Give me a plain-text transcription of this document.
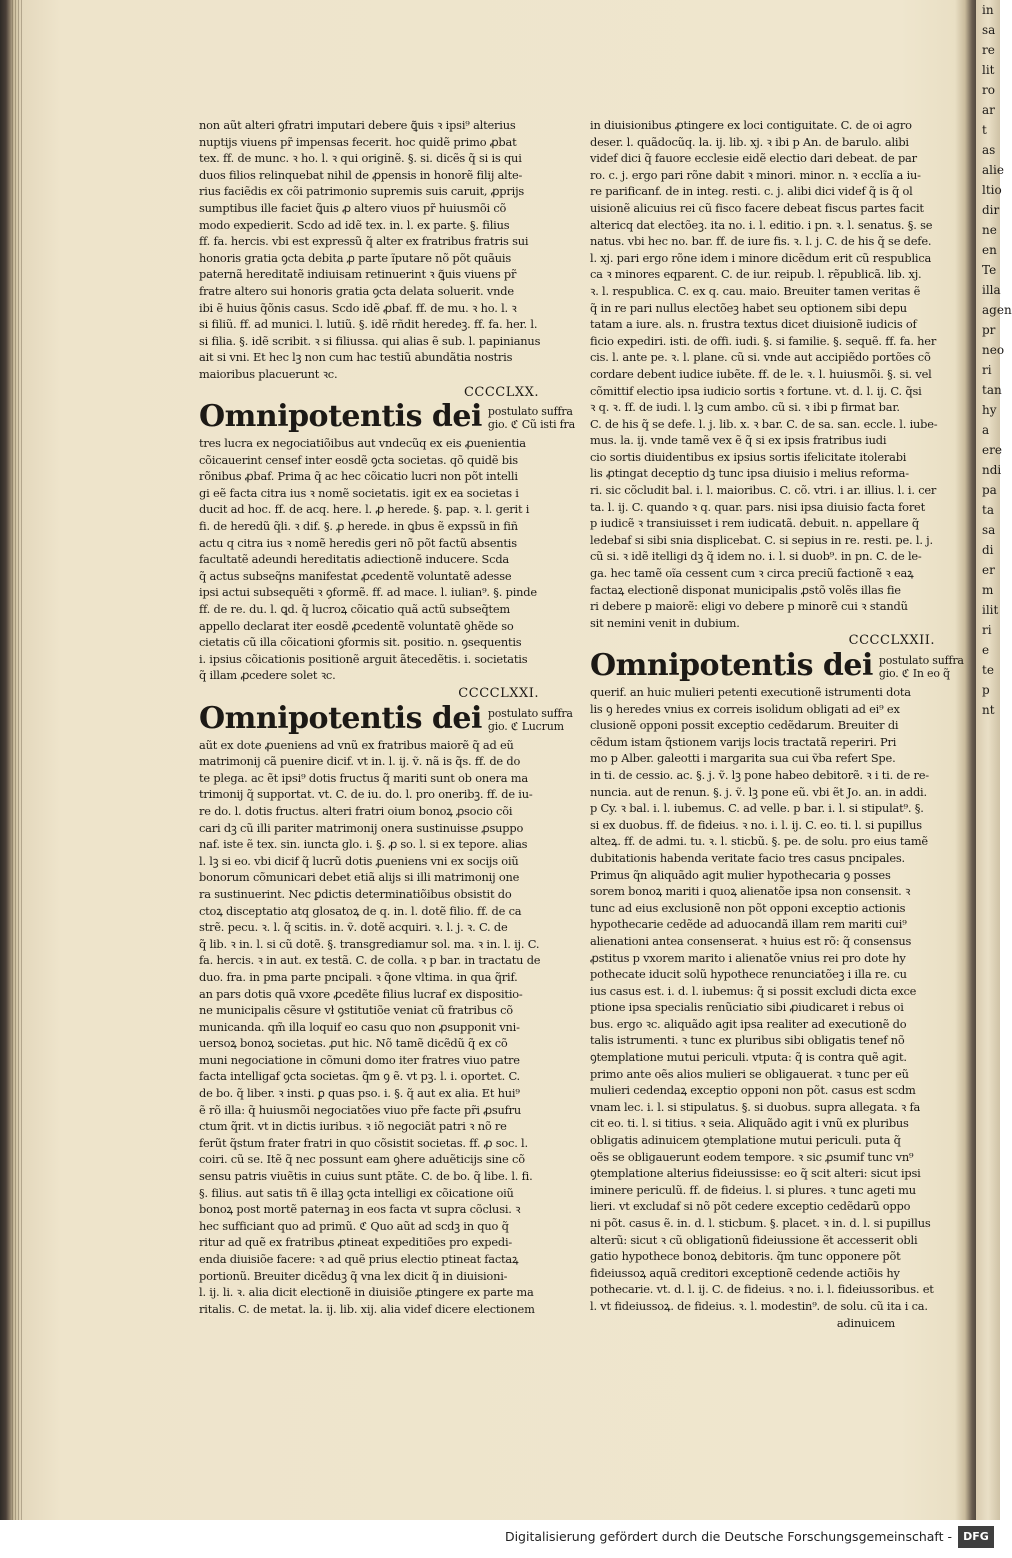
non aũt alteri ꝯfratri imputari debere ꝗ̃uis ꝛ ipsi⁹ alterius
nuptijs viuens pr̃ impensas fecerit. hoc quidẽ primo ꝓbat
tex. ff. de munc. ꝛ ho. l. ꝛ qui originẽ. §. si. dicẽs q̃ si is qui
duos filios relinquebat nihil de ꝓpensis in honorẽ filij alte-
rius faciẽdis ex cõi patrimonio supremis suis caruit, ꝓprijs
sumptibus ille faciet ꝗ̃uis ꝓ altero viuos pr̃ huiusmõi cõ
modo expedierit. Scdo ad idẽ tex. in. l. ex parte. §. filius
ff. fa. hercis. vbi est expressũ q̃ alter ex fratribus fratris sui
honoris gratia ꝯcta debita ꝓ parte ĩputare nõ põt quãuis
paternã hereditatẽ indiuisam retinuerint ꝛ ꝗ̃uis viuens pr̃
fratre altero sui honoris gratia ꝯcta delata soluerit. vnde
ibi ẽ huius q̃õnis casus. Scdo idẽ ꝓbaf. ff. de mu. ꝛ ho. l. ꝛ
si filiũ. ff. ad munici. l. lutiũ. §. idẽ rñdit heredeꝫ. ff. fa. her. l.
si filia. §. idẽ scribit. ꝛ si filiussa. qui alias ẽ sub. l. papinianus
ait si vni. Et hec lꝫ non cum hac testiũ abundãtia nostris
maioribus placuerunt ꝛc.
CCCCLXX.
Omnipotentis dei postulato suffra
gio. ℭ Cũ isti fra
tres lucra ex negociatiõibus aut vndecũq ex eis ꝓuenientia
cõicauerint censef inter eosdẽ ꝯcta societas. qõ quidẽ bis
rõnibus ꝓbaf. Prima q̃ ac hec cõicatio lucri non põt intelli
gi eẽ facta citra ius ꝛ nomẽ societatis. igit ex ea societas i
ducit ad hoc. ff. de acq. here. l. ꝓ herede. §. pap. ꝛ. l. gerit i
fi. de heredũ q̃li. ꝛ dif. §. ꝓ herede. in ꝗbus ẽ expssũ in fiñ
actu q citra ius ꝛ nomẽ heredis geri nõ põt factũ absentis
facultatẽ adeundi hereditatis adiectionẽ inducere. Scda
q̃ actus subseq̃ns manifestat ꝓcedentẽ voluntatẽ adesse
ipsi actui subsequẽti ꝛ ꝯformẽ. ff. ad mace. l. iulian⁹. §. pinde
ff. de re. du. l. ꝗd. q̃ lucroꝝ cõicatio quã actũ subseq̃tem
appello declarat iter eosdẽ ꝓcedentẽ voluntatẽ ꝯhẽde so
cietatis cũ illa cõicationi ꝯformis sit. positio. n. ꝯsequentis
i. ipsius cõicationis positionẽ arguit ãtecedẽtis. i. societatis
q̃ illam ꝓcedere solet ꝛc.
CCCCLXXI.
Omnipotentis dei postulato suffra
gio. ℭ Lucrum
aũt ex dote ꝓueniens ad vnũ ex fratribus maiorẽ q̃ ad eũ
matrimonij cã puenire dicif. vt in. l. ij. ṽ. nã is q̃s. ff. de do
te plega. ac ẽt ipsi⁹ dotis fructus q̃ mariti sunt ob onera ma
trimonij q̃ supportat. vt. C. de iu. do. l. pro oneribꝫ. ff. de iu-
re do. l. dotis fructus. alteri fratri oium bonoꝝ ꝓsocio cõi
cari dꝫ cũ illi pariter matrimonij onera sustinuisse ꝓsuppo
naf. iste ẽ tex. sin. iuncta glo. i. §. ꝓ so. l. si ex tepore. alias
l. lꝫ si eo. vbi dicif q̃ lucrũ dotis ꝓueniens vni ex socijs oiũ
bonorum cõmunicari debet etiã alijs si illi matrimonij one
ra sustinuerint. Nec ꝑdictis determinatiõibus obsistit do
ctoꝝ disceptatio atq glosatoꝝ de q. in. l. dotẽ filio. ff. de ca
strẽ. pecu. ꝛ. l. q̃ scitis. in. ṽ. dotẽ acquiri. ꝛ. l. j. ꝛ. C. de
q̃ lib. ꝛ in. l. si cũ dotẽ. §. transgrediamur sol. ma. ꝛ in. l. ij. C.
fa. hercis. ꝛ in aut. ex testã. C. de colla. ꝛ p bar. in tractatu de
duo. fra. in pma parte pncipali. ꝛ q̃one vltima. in qua q̃rif.
an pars dotis quã vxore ꝓcedẽte filius lucraf ex dispositio-
ne municipalis cẽsure vł ꝯstitutiõe veniat cũ fratribus cõ
municanda. qm̃ illa loquif eo casu quo non ꝓsupponit vni-
uersoꝝ bonoꝝ societas. ꝓut hic. Nõ tamẽ dicẽdũ q̃ ex cõ
muni negociatione in cõmuni domo iter fratres viuo patre
facta intelligaf ꝯcta societas. q̃m ꝯ ẽ. vt pꝫ. l. i. oportet. C.
de bo. q̃ liber. ꝛ insti. ꝑ quas pso. i. §. q̃ aut ex alia. Et hui⁹
ẽ rõ illa: q̃ huiusmõi negociatões viuo pr̃e facte pr̃i ꝓsufru
ctum q̃rit. vt in dictis iuribus. ꝛ iõ negociãt patri ꝛ nõ re
ferũt q̃stum frater fratri in quo cõsistit societas. ff. ꝓ soc. l.
coiri. cũ se. Itẽ q̃ nec possunt eam ꝯhere aduẽticijs sine cõ
sensu patris viuẽtis in cuius sunt ptãte. C. de bo. q̃ libe. l. fi.
§. filius. aut satis tñ ẽ illaꝫ ꝯcta intelligi ex cõicatione oiũ
bonoꝝ post mortẽ paternaꝫ in eos facta vt supra cõclusi. ꝛ
hec sufficiant quo ad primũ. ℭ Quo aũt ad scdꝫ in quo q̃
ritur ad quẽ ex fratribus ꝓtineat expeditiões pro expedi-
enda diuisiõe facere: ꝛ ad quẽ prius electio ptineat factaꝝ
portionũ. Breuiter dicẽduꝫ q̃ vna lex dicit q̃ in diuisioni-
l. ij. li. ꝛ. alia dicit electionẽ in diuisiõe ꝓtingere ex parte ma
ritalis. C. de metat. la. ij. lib. xij. alia videf dicere electionem
in diuisionibus ꝓtingere ex loci contiguitate. C. de oi agro
deser. l. quãdocũq. la. ij. lib. xj. ꝛ ibi p An. de barulo. alibi
videf dici q̃ fauore ecclesie eidẽ electio dari debeat. de par
ro. c. j. ergo pari rõne dabit ꝛ minori. minor. n. ꝛ ecclĩa a iu-
re parificanf. de in integ. resti. c. j. alibi dici videf q̃ is q̃ ol
uisionẽ alicuius rei cũ fisco facere debeat fiscus partes facit
altericq dat electõeꝫ. ita no. i. l. editio. i pn. ꝛ. l. senatus. §. se
natus. vbi hec no. bar. ff. de iure fis. ꝛ. l. j. C. de his q̃ se defe.
l. xj. pari ergo rõne idem i minore dicẽdum erit cũ respublica
ca ꝛ minores eqparent. C. de iur. reipub. l. rẽpublicã. lib. xj.
ꝛ. l. respublica. C. ex q. cau. maio. Breuiter tamen veritas ẽ
q̃ in re pari nullus electõeꝫ habet seu optionem sibi depu
tatam a iure. als. n. frustra textus dicet diuisionẽ iudicis of
ficio expediri. isti. de offi. iudi. §. si familie. §. sequẽ. ff. fa. her
cis. l. ante pe. ꝛ. l. plane. cũ si. vnde aut accipiẽdo portões cõ
cordare debent iudice iubẽte. ff. de le. ꝛ. l. huiusmõi. §. si. vel
cõmittif electio ipsa iudicio sortis ꝛ fortune. vt. d. l. ij. C. q̃si
ꝛ q. ꝛ. ff. de iudi. l. lꝫ cum ambo. cũ si. ꝛ ibi p firmat bar.
C. de his q̃ se defe. l. j. lib. x. ꝛ bar. C. de sa. san. eccle. l. iube-
mus. la. ij. vnde tamẽ vex ẽ q̃ si ex ipsis fratribus iudi
cio sortis diuidentibus ex ipsius sortis ifelicitate itolerabi
lis ꝓtingat deceptio dꝫ tunc ipsa diuisio i melius reforma-
ri. sic cõcludit bal. i. l. maioribus. C. cõ. vtri. i ar. illius. l. i. cer
ta. l. ij. C. quando ꝛ q. quar. pars. nisi ipsa diuisio facta foret
p iudicẽ ꝛ transiuisset i rem iudicatã. debuit. n. appellare q̃
ledebaf si sibi snia displicebat. C. si sepius in re. resti. pe. l. j.
cũ si. ꝛ idẽ itelligi dꝫ q̃ idem no. i. l. si duob⁹. in pn. C. de le-
ga. hec tamẽ oĩa cessent cum ꝛ circa preciũ factionẽ ꝛ eaꝝ
factaꝝ electionẽ disponat municipalis ꝓstõ volẽs illas fie
ri debere p maiorẽ: eligi vo debere p minorẽ cui ꝛ standũ
sit nemini venit in dubium.
CCCCLXXII.
Omnipotentis dei postulato suffra
gio. ℭ In eo q̃
querif. an huic mulieri petenti executionẽ istrumenti dota
lis ꝯ heredes vnius ex correis isolidum obligati ad ei⁹ ex
clusionẽ opponi possit exceptio cedẽdarum. Breuiter di
cẽdum istam q̃stionem varijs locis tractatã reperiri. Pri
mo p Alber. galeotti i margarita sua cui ṽba refert Spe.
in ti. de cessio. ac. §. j. ṽ. lꝫ pone habeo debitorẽ. ꝛ i ti. de re-
nuncia. aut de renun. §. j. ṽ. lꝫ pone eũ. vbi ẽt Jo. an. in addi.
p Cy. ꝛ bal. i. l. iubemus. C. ad velle. p bar. i. l. si stipulat⁹. §.
si ex duobus. ff. de fideius. ꝛ no. i. l. ij. C. eo. ti. l. si pupillus
alteꝝ. ff. de admi. tu. ꝛ. l. sticbũ. §. pe. de solu. pro eius tamẽ
dubitationis habenda veritate facio tres casus pncipales.
Primus q̃n aliquãdo agit mulier hypothecaria ꝯ posses
sorem bonoꝝ mariti i quoꝝ alienatõe ipsa non consensit. ꝛ
tunc ad eius exclusionẽ non põt opponi exceptio actionis
hypothecarie cedẽde ad aduocandã illam rem mariti cui⁹
alienationi antea consenserat. ꝛ huius est rõ: q̃ consensus
ꝓstitus p vxorem marito i alienatõe vnius rei pro dote hy
pothecate iducit solũ hypothece renunciatõeꝫ i illa re. cu
ius casus est. i. d. l. iubemus: q̃ si possit excludi dicta exce
ptione ipsa specialis renũciatio sibi ꝓiudicaret i rebus oi
bus. ergo ꝛc. aliquãdo agit ipsa realiter ad executionẽ do
talis istrumenti. ꝛ tunc ex pluribus sibi obligatis tenef nõ
ꝯtemplatione mutui periculi. vtputa: q̃ is contra quẽ agit.
primo ante oẽs alios mulieri se obligauerat. ꝛ tunc per eũ
mulieri cedendaꝝ exceptio opponi non põt. casus est scdm
vnam lec. i. l. si stipulatus. §. si duobus. supra allegata. ꝛ fa
cit eo. ti. l. si titius. ꝛ seia. Aliquãdo agit i vnũ ex pluribus
obligatis adinuicem ꝯtemplatione mutui periculi. puta q̃
oẽs se obligauerunt eodem tempore. ꝛ sic ꝓsumif tunc vn⁹
ꝯtemplatione alterius fideiussisse: eo q̃ scit alteri: sicut ipsi
iminere periculũ. ff. de fideius. l. si plures. ꝛ tunc ageti mu
lieri. vt excludaf si nõ põt cedere exceptio cedẽdarũ oppo
ni põt. casus ẽ. in. d. l. sticbum. §. placet. ꝛ in. d. l. si pupillus
alterũ: sicut ꝛ cũ obligationũ fideiussione ẽt accesserit obli
gatio hypothece bonoꝝ debitoris. q̃m tunc opponere põt
fideiussoꝝ aquã creditori exceptionẽ cedende actiõis hy
pothecarie. vt. d. l. ij. C. de fideius. ꝛ no. i. l. fideiussoribus. et
l. vt fideiussoꝝ. de fideius. ꝛ. l. modestin⁹. de solu. cũ ita i ca.
adinuicem
in
sa
re
lit
ro
ar
t
as
alie
ltio
dir
ne
en
Te
illa
agen
pr
neo
ri
tan
hy
a
ere
ndi
pa
ta
sa
di
er
m
ilit
ri
e
te
p
nt
Digitalisierung gefördert durch die Deutsche Forschungsgemeinschaft -	DFG
